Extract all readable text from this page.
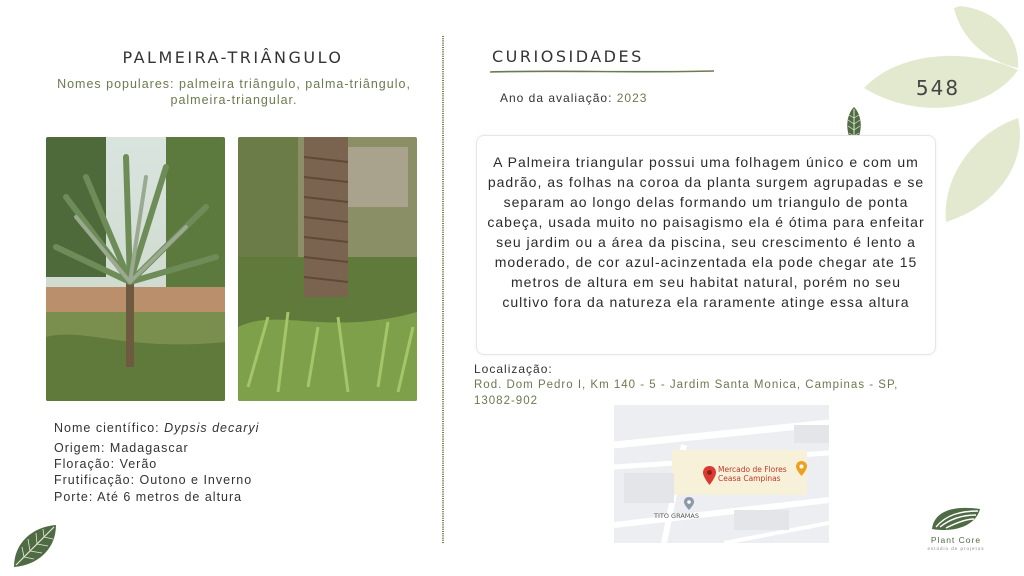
PALMEIRA-TRIÂNGULO
Nomes populares: palmeira triângulo, palma-triângulo, palmeira-triangular.
Nome científico: Dypsis decaryi
Origem: Madagascar
Floração: Verão
Frutificação: Outono e Inverno
Porte: Até 6 metros de altura
CURIOSIDADES
Ano da avaliação: 2023

A Palmeira triangular possui uma folhagem único e com um padrão, as folhas na coroa da planta surgem agrupadas e se separam ao longo delas formando um triangulo de ponta cabeça, usada muito no paisagismo ela é ótima para enfeitar seu jardim ou a área da piscina, seu crescimento é lento a moderado, de cor azul-acinzentada ela pode chegar ate 15 metros de altura em seu habitat natural, porém no seu cultivo fora da natureza ela raramente atinge essa altura

Localização:
Rod. Dom Pedro I, Km 140 - 5 - Jardim Santa Monica, Campinas - SP, 13082-902
Mercado de Flores
Ceasa Campinas
TITO GRAMAS
548
Plant Core
estúdio de projetos
